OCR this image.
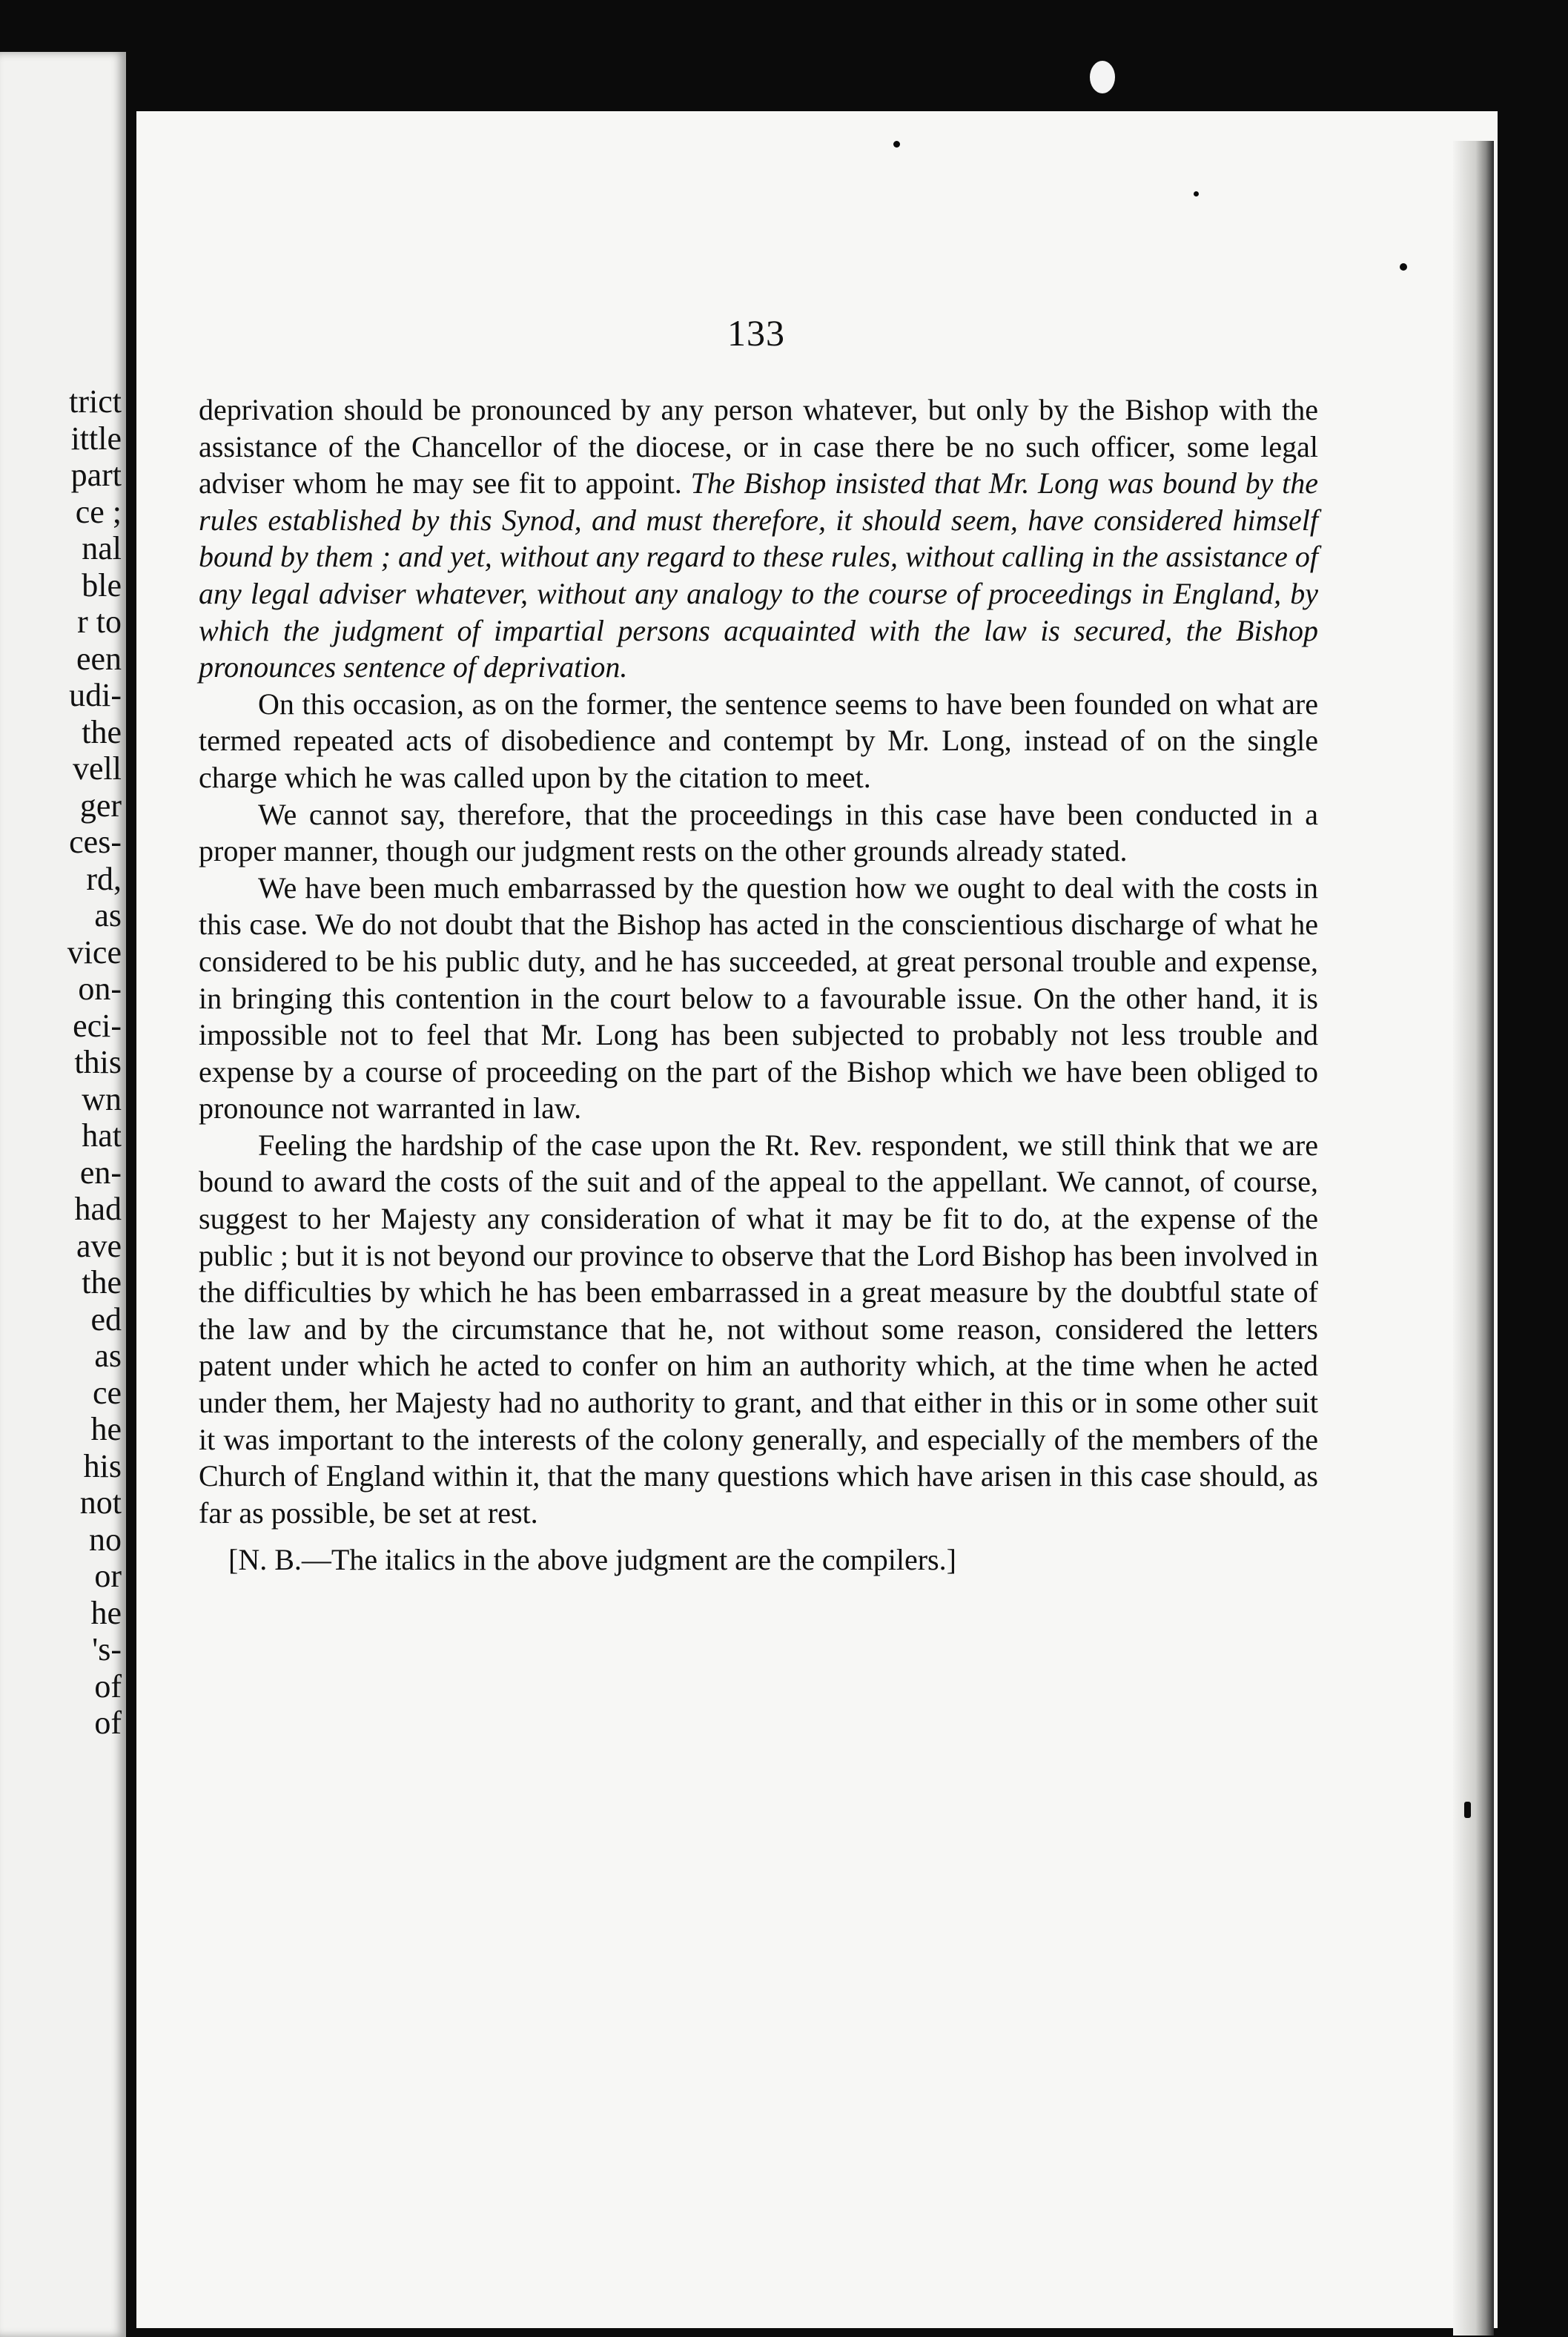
trict
ittle
part
ce ;
nal
ble
r to
een
udi-
the
vell
ger
ces-
rd,
as
vice
on-
eci-
this
wn
hat
en-
had
ave
the
ed
as
ce
he
his
not
no
or
he
's-
of
of
133

deprivation should be pronounced by any person whatever, but only by the Bishop with the assistance of the Chancellor of the diocese, or in case there be no such officer, some legal adviser whom he may see fit to appoint. The Bishop insisted that Mr. Long was bound by the rules established by this Synod, and must therefore, it should seem, have considered himself bound by them ; and yet, without any regard to these rules, without calling in the assistance of any legal adviser whatever, without any analogy to the course of proceedings in England, by which the judgment of impartial persons acquainted with the law is secured, the Bishop pronounces sentence of deprivation.

On this occasion, as on the former, the sentence seems to have been founded on what are termed repeated acts of disobedience and contempt by Mr. Long, instead of on the single charge which he was called upon by the citation to meet.

We cannot say, therefore, that the proceedings in this case have been conducted in a proper manner, though our judgment rests on the other grounds already stated.

We have been much embarrassed by the question how we ought to deal with the costs in this case. We do not doubt that the Bishop has acted in the conscientious discharge of what he considered to be his public duty, and he has succeeded, at great personal trouble and expense, in bringing this contention in the court below to a favourable issue. On the other hand, it is impossible not to feel that Mr. Long has been subjected to probably not less trouble and expense by a course of proceeding on the part of the Bishop which we have been obliged to pronounce not warranted in law.

Feeling the hardship of the case upon the Rt. Rev. respondent, we still think that we are bound to award the costs of the suit and of the appeal to the appellant. We cannot, of course, suggest to her Majesty any consideration of what it may be fit to do, at the expense of the public ; but it is not beyond our province to observe that the Lord Bishop has been involved in the difficulties by which he has been embarrassed in a great measure by the doubtful state of the law and by the circumstance that he, not without some reason, considered the letters patent under which he acted to confer on him an authority which, at the time when he acted under them, her Majesty had no authority to grant, and that either in this or in some other suit it was important to the interests of the colony generally, and especially of the members of the Church of England within it, that the many questions which have arisen in this case should, as far as possible, be set at rest.

[N. B.—The italics in the above judgment are the compilers.]
